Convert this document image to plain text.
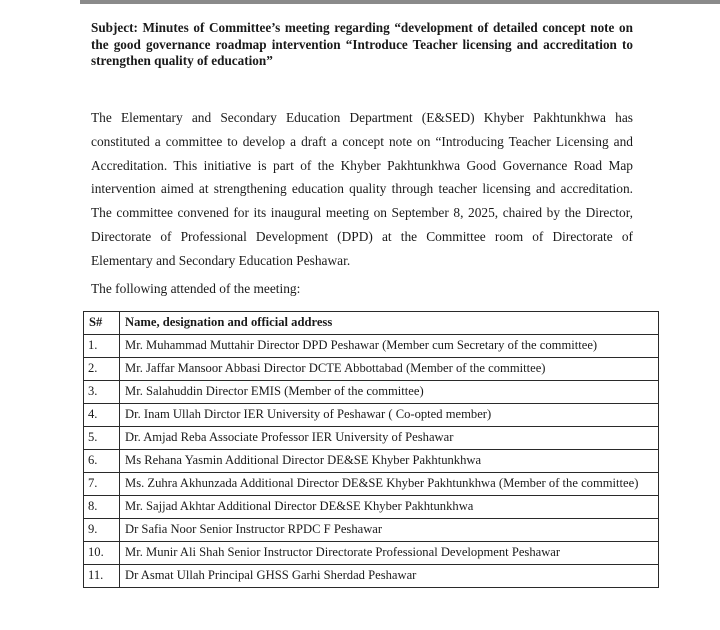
Subject: Minutes of Committee’s meeting regarding “development of detailed concept note on the good governance roadmap intervention “Introduce Teacher licensing and accreditation to strengthen quality of education”

The Elementary and Secondary Education Department (E&SED) Khyber Pakhtunkhwa has constituted a committee to develop a draft a concept note on “Introducing Teacher Licensing and Accreditation. This initiative is part of the Khyber Pakhtunkhwa Good Governance Road Map intervention aimed at strengthening education quality through teacher licensing and accreditation. The committee convened for its inaugural meeting on September 8, 2025, chaired by the Director, Directorate of Professional Development (DPD) at the Committee room of Directorate of Elementary and Secondary Education Peshawar.

The following attended of the meeting:

S#	Name, designation and official address
1.	Mr. Muhammad Muttahir Director DPD Peshawar (Member cum Secretary of the committee)
2.	Mr. Jaffar Mansoor Abbasi Director DCTE Abbottabad (Member of the committee)
3.	Mr. Salahuddin Director EMIS (Member of the committee)
4.	Dr. Inam Ullah Dirctor IER University of Peshawar ( Co-opted member)
5.	Dr. Amjad Reba Associate Professor IER University of Peshawar
6.	Ms Rehana Yasmin Additional Director DE&SE Khyber Pakhtunkhwa
7.	Ms. Zuhra Akhunzada Additional Director DE&SE Khyber Pakhtunkhwa (Member of the committee)
8.	Mr. Sajjad Akhtar Additional Director DE&SE Khyber Pakhtunkhwa
9.	Dr Safia Noor Senior Instructor RPDC F Peshawar
10.	Mr. Munir Ali Shah Senior Instructor Directorate Professional Development Peshawar
11.	Dr Asmat Ullah Principal GHSS Garhi Sherdad Peshawar
